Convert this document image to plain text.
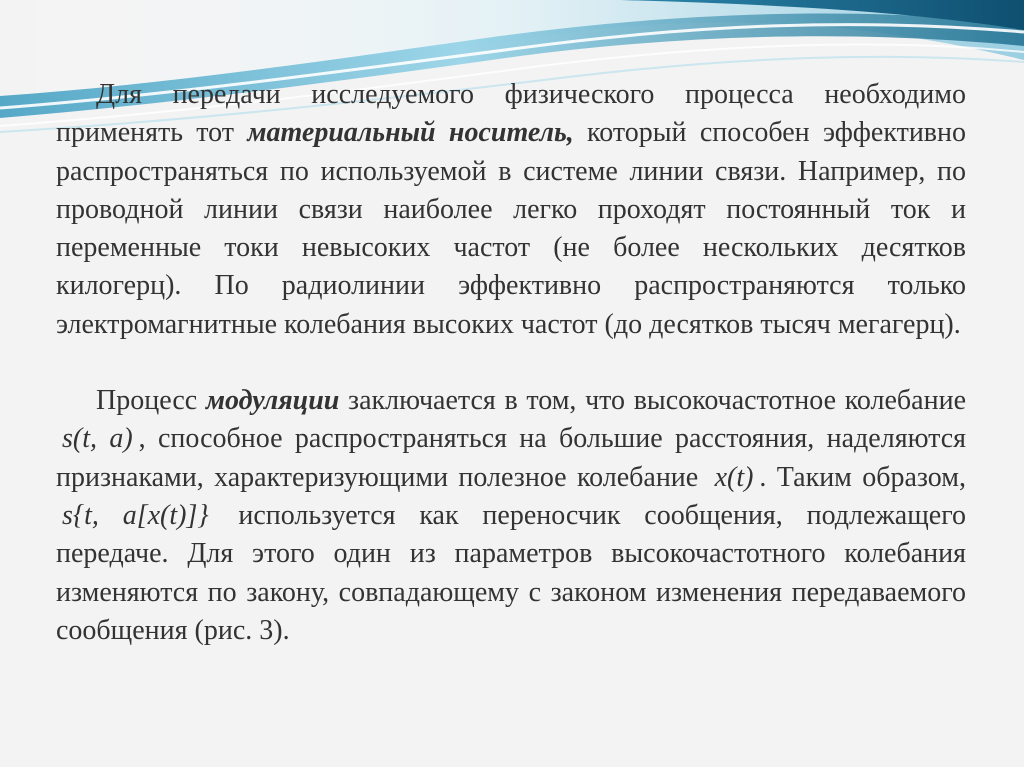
Для передачи исследуемого физического процесса необходимо применять тот материальный носитель, который способен эффективно распространяться по используемой в системе линии связи. Например, по проводной линии связи наиболее легко проходят постоянный ток и переменные токи невысоких частот (не более нескольких десятков килогерц). По радиолинии эффективно распространяются только электромагнитные колебания высоких частот (до десятков тысяч мегагерц).

Процесс модуляции заключается в том, что высокочастотное колебание s(t, a) , способное распространяться на большие расстояния, наделяются признаками, характеризующими полезное колебание x(t) . Таким образом, s{t, a[x(t)]} используется как переносчик сообщения, подлежащего передаче. Для этого один из параметров высокочастотного колебания изменяются по закону, совпадающему с законом изменения передаваемого сообщения (рис. 3).
